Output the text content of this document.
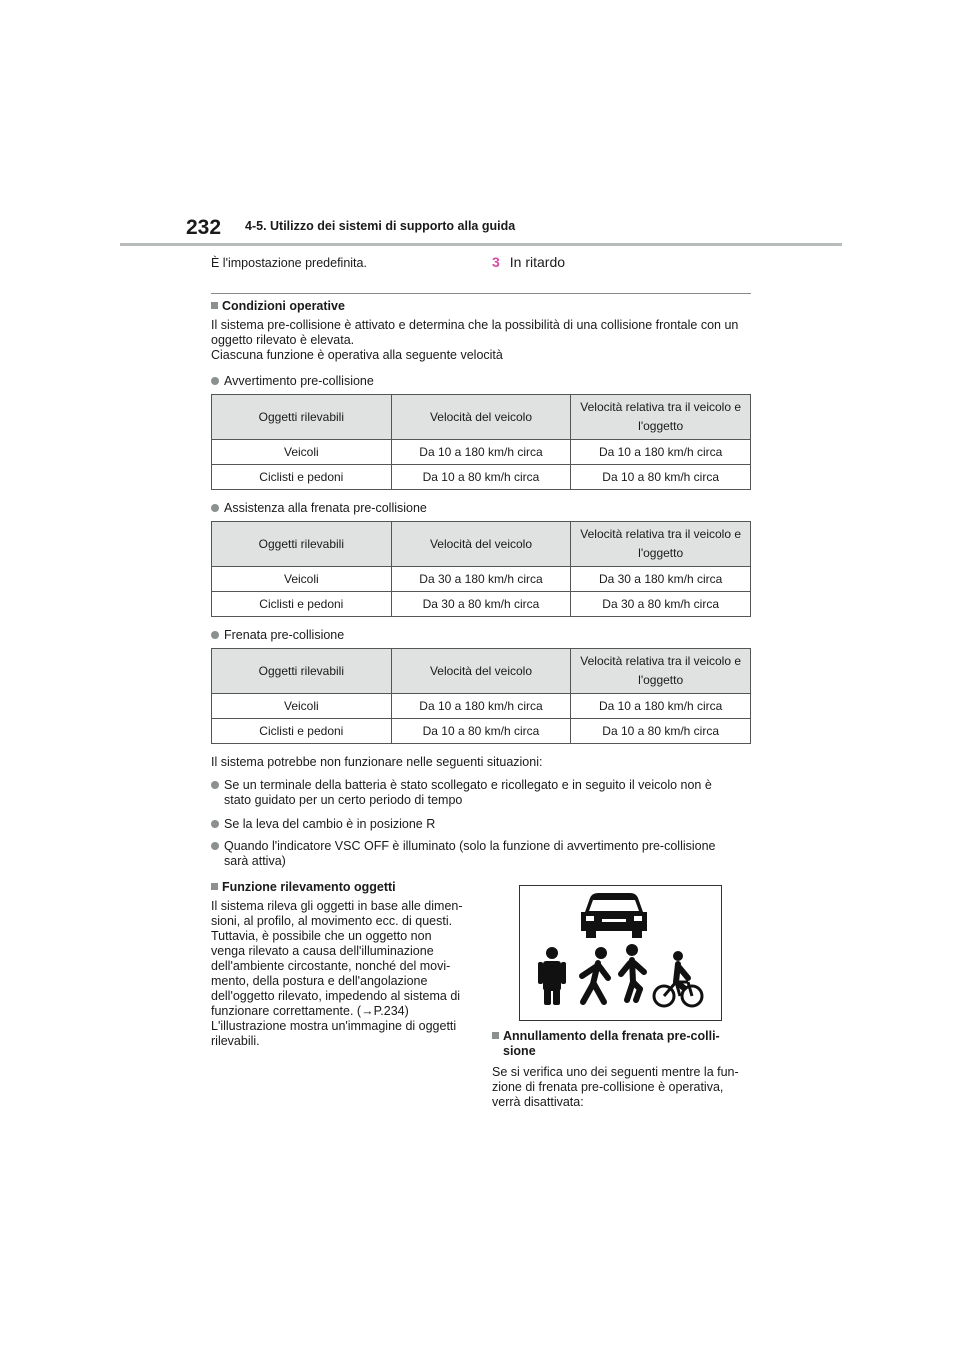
232 4-5. Utilizzo dei sistemi di supporto alla guida
È l'impostazione predefinita.	3 In ritardo
Condizioni operative
Il sistema pre-collisione è attivato e determina che la possibilità di una collisione frontale con un
oggetto rilevato è elevata.
Ciascuna funzione è operativa alla seguente velocità
Avvertimento pre-collisione
Oggetti rilevabili	Velocità del veicolo	Velocità relativa tra il veicolo e
l'oggetto
Veicoli	Da 10 a 180 km/h circa	Da 10 a 180 km/h circa
Ciclisti e pedoni	Da 10 a 80 km/h circa	Da 10 a 80 km/h circa
Assistenza alla frenata pre-collisione
Oggetti rilevabili	Velocità del veicolo	Velocità relativa tra il veicolo e
l'oggetto
Veicoli	Da 30 a 180 km/h circa	Da 30 a 180 km/h circa
Ciclisti e pedoni	Da 30 a 80 km/h circa	Da 30 a 80 km/h circa
Frenata pre-collisione
Oggetti rilevabili	Velocità del veicolo	Velocità relativa tra il veicolo e
l'oggetto
Veicoli	Da 10 a 180 km/h circa	Da 10 a 180 km/h circa
Ciclisti e pedoni	Da 10 a 80 km/h circa	Da 10 a 80 km/h circa
Il sistema potrebbe non funzionare nelle seguenti situazioni:
Se un terminale della batteria è stato scollegato e ricollegato e in seguito il veicolo non è
stato guidato per un certo periodo di tempo
Se la leva del cambio è in posizione R
Quando l'indicatore VSC OFF è illuminato (solo la funzione di avvertimento pre-collisione
sarà attiva)
Funzione rilevamento oggetti
Il sistema rileva gli oggetti in base alle dimen-
sioni, al profilo, al movimento ecc. di questi.
Tuttavia, è possibile che un oggetto non
venga rilevato a causa dell'illuminazione
dell'ambiente circostante, nonché del movi-
mento, della postura e dell'angolazione
dell'oggetto rilevato, impedendo al sistema di
funzionare correttamente. (→P.234)
L'illustrazione mostra un'immagine di oggetti
rilevabili.	Annullamento della frenata pre-colli-
sione
Se si verifica uno dei seguenti mentre la fun-
zione di frenata pre-collisione è operativa,
verrà disattivata:
